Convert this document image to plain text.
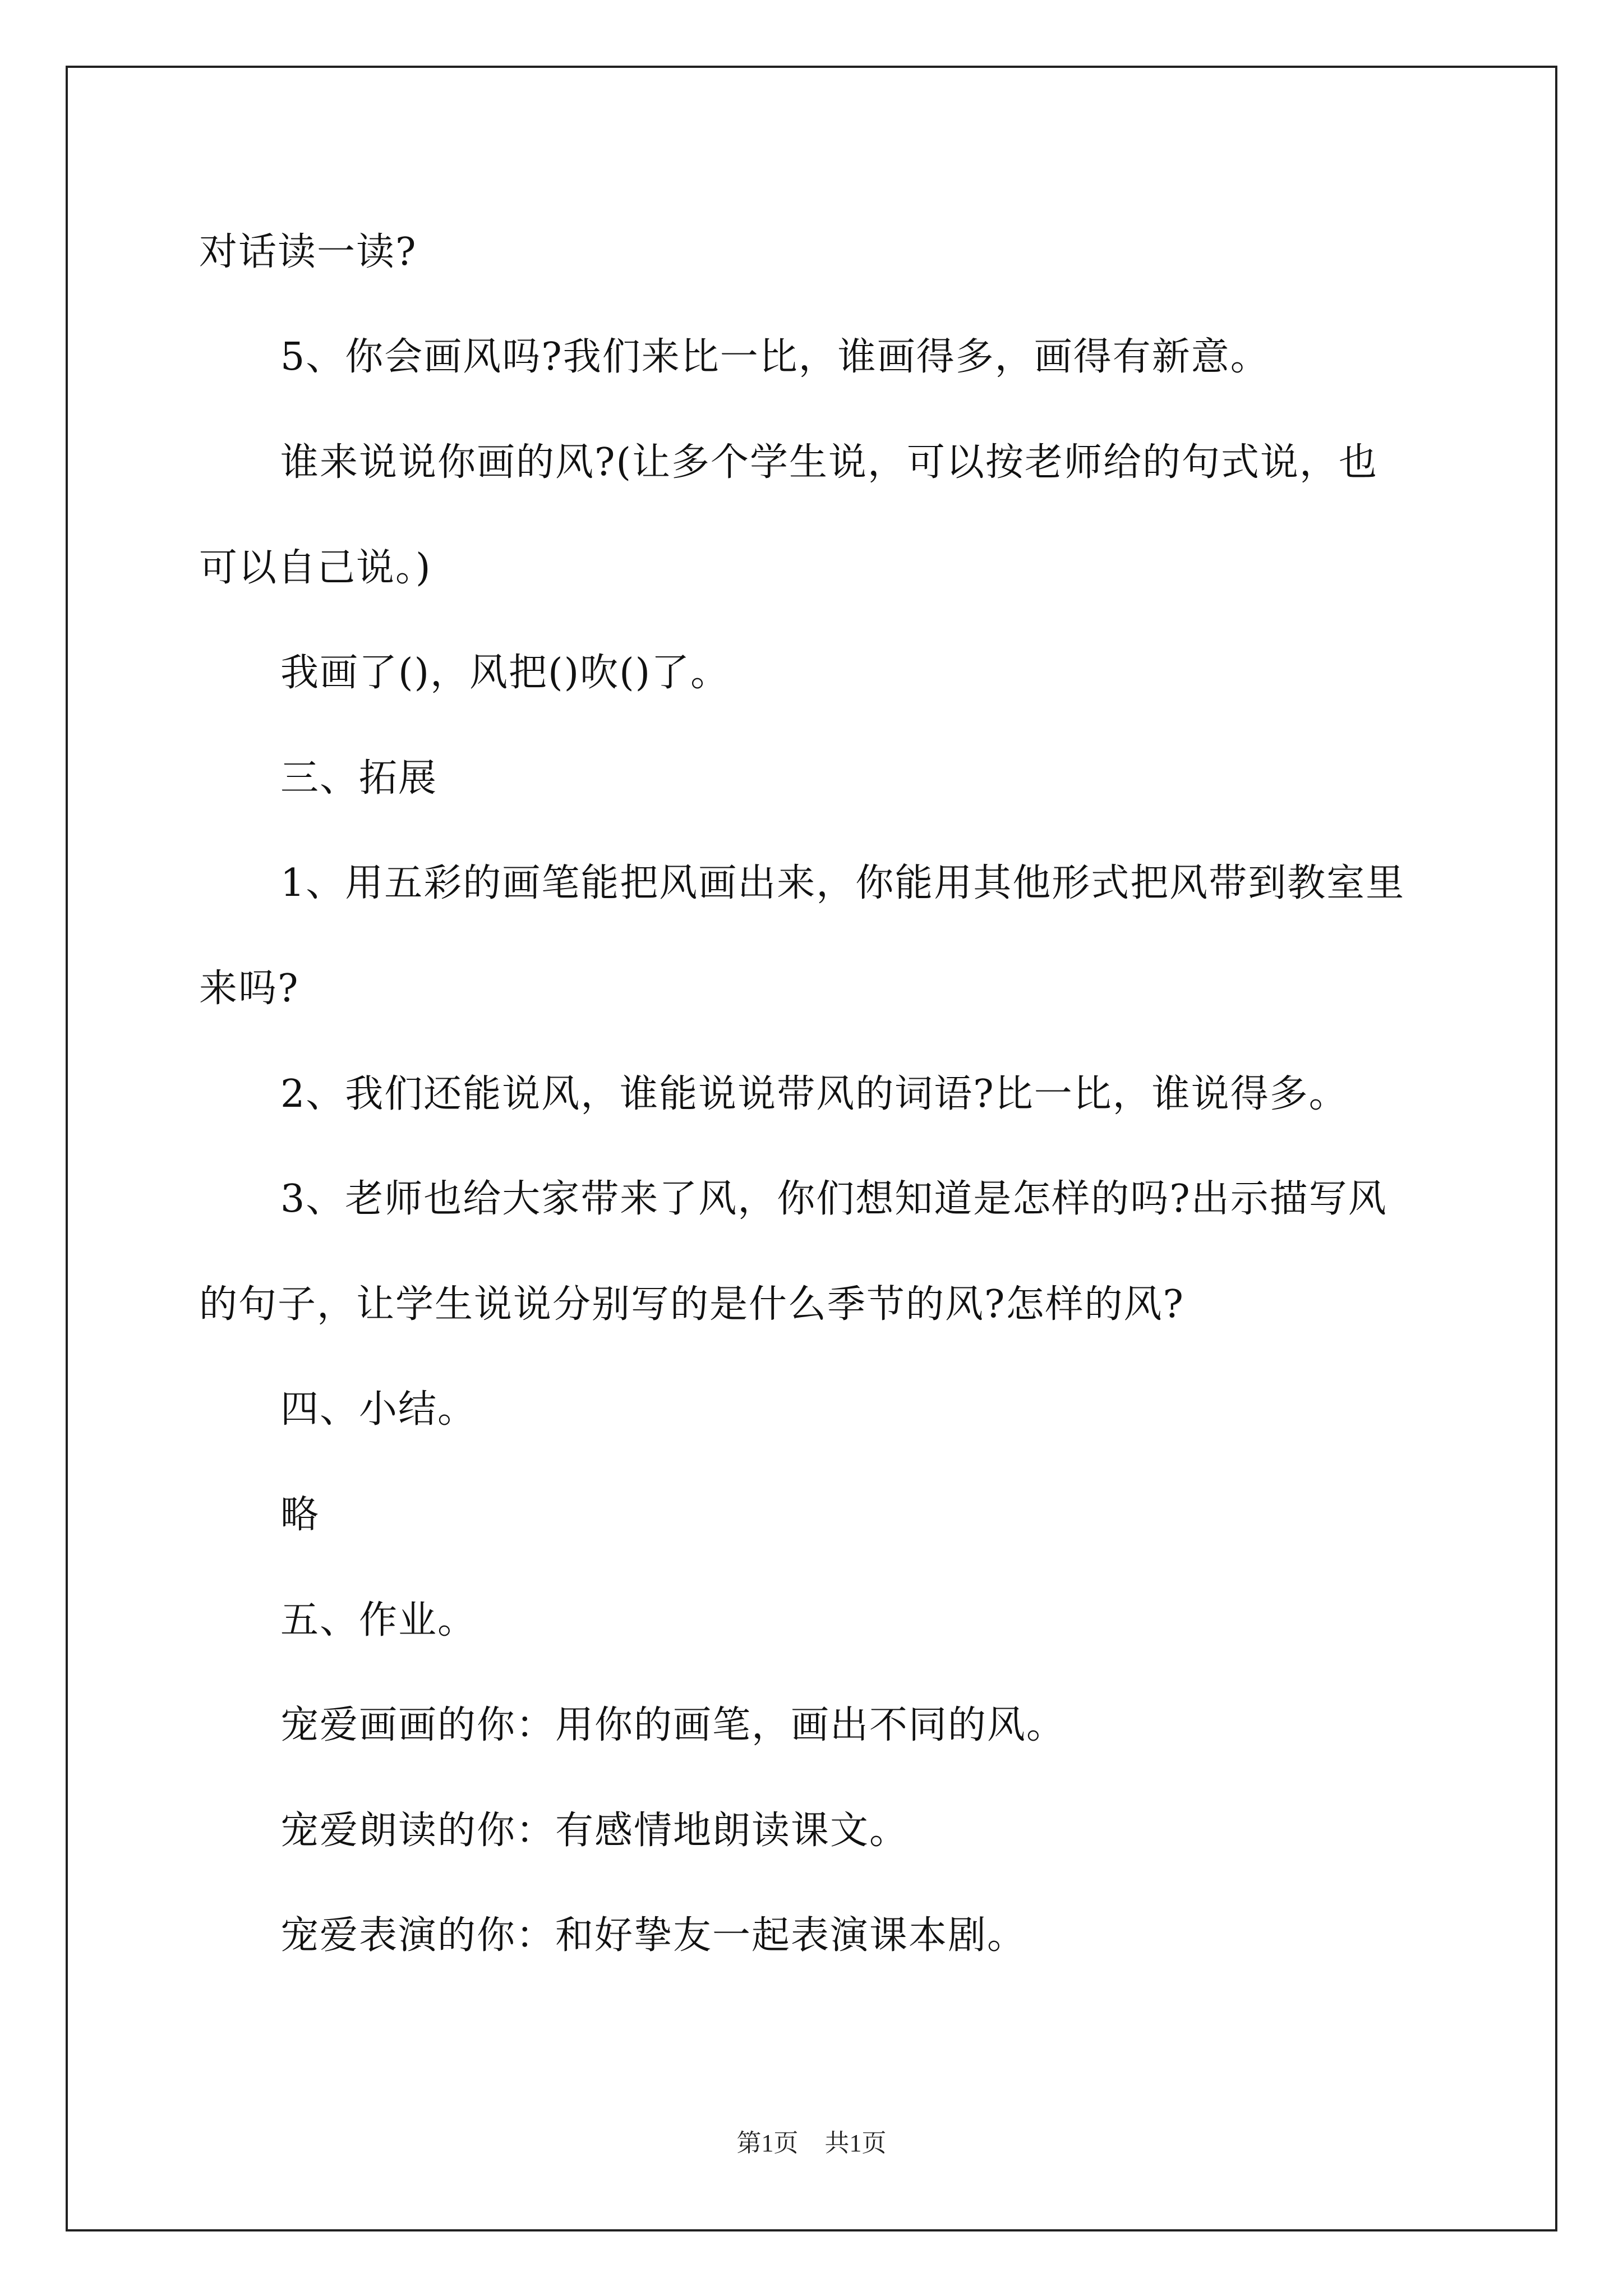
对话读一读?
5、你会画风吗?我们来比一比，谁画得多，画得有新意。
谁来说说你画的风?(让多个学生说，可以按老师给的句式说，也
可以自己说。)
我画了()，风把()吹()了。
三、拓展
1、用五彩的画笔能把风画出来，你能用其他形式把风带到教室里
来吗?
2、我们还能说风，谁能说说带风的词语?比一比，谁说得多。
3、老师也给大家带来了风，你们想知道是怎样的吗?出示描写风
的句子，让学生说说分别写的是什么季节的风?怎样的风?
四、小结。
略
五、作业。
宠爱画画的你：用你的画笔，画出不同的风。
宠爱朗读的你：有感情地朗读课文。
宠爱表演的你：和好挚友一起表演课本剧。
第1页 共1页
